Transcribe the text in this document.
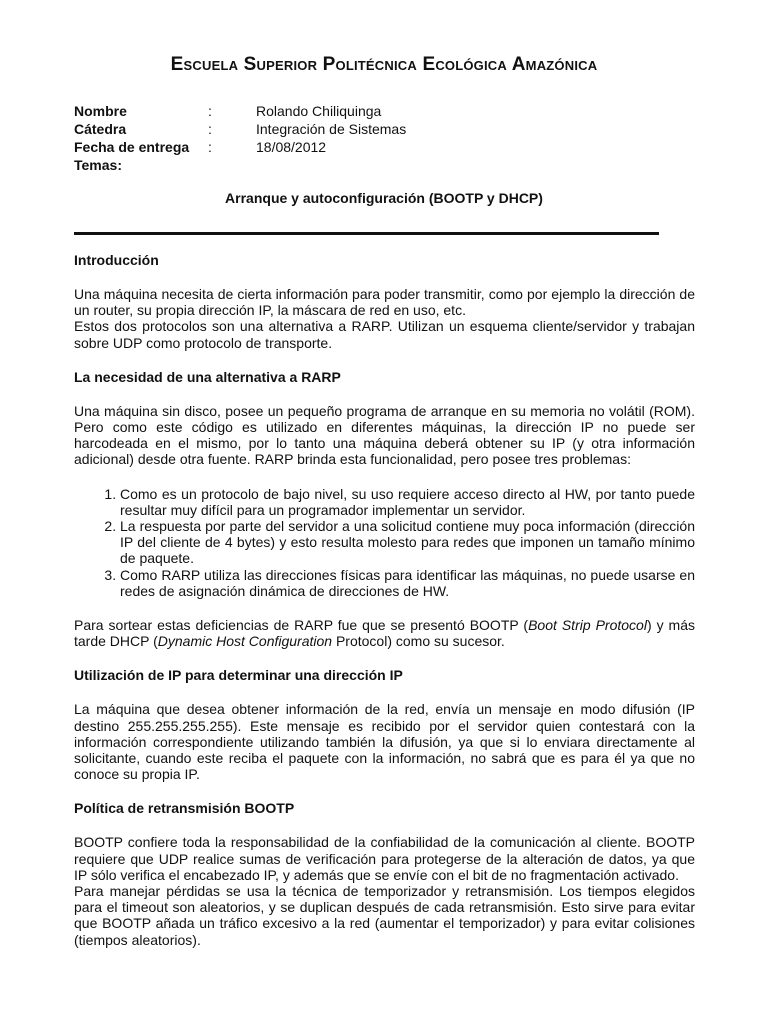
Escuela Superior Politécnica Ecológica Amazónica
Nombre	:	Rolando Chiliquinga
Cátedra	:	Integración de Sistemas
Fecha de entrega	:	18/08/2012
Temas:
Arranque y autoconfiguración (BOOTP y DHCP)
Introducción

Una máquina necesita de cierta información para poder transmitir, como por ejemplo la dirección de un router, su propia dirección IP, la máscara de red en uso, etc.

Estos dos protocolos son una alternativa a RARP. Utilizan un esquema cliente/servidor y trabajan sobre UDP como protocolo de transporte.

La necesidad de una alternativa a RARP

Una máquina sin disco, posee un pequeño programa de arranque en su memoria no volátil (ROM). Pero como este código es utilizado en diferentes máquinas, la dirección IP no puede ser harcodeada en el mismo, por lo tanto una máquina deberá obtener su IP (y otra información adicional) desde otra fuente. RARP brinda esta funcionalidad, pero posee tres problemas:

1. Como es un protocolo de bajo nivel, su uso requiere acceso directo al HW, por tanto puede resultar muy difícil para un programador implementar un servidor.
2. La respuesta por parte del servidor a una solicitud contiene muy poca información (dirección IP del cliente de 4 bytes) y esto resulta molesto para redes que imponen un tamaño mínimo de paquete.
3. Como RARP utiliza las direcciones físicas para identificar las máquinas, no puede usarse en redes de asignación dinámica de direcciones de HW.

Para sortear estas deficiencias de RARP fue que se presentó BOOTP (Boot Strip Protocol) y más tarde DHCP (Dynamic Host Configuration Protocol) como su sucesor.

Utilización de IP para determinar una dirección IP

La máquina que desea obtener información de la red, envía un mensaje en modo difusión (IP destino 255.255.255.255). Este mensaje es recibido por el servidor quien contestará con la información correspondiente utilizando también la difusión, ya que si lo enviara directamente al solicitante, cuando este reciba el paquete con la información, no sabrá que es para él ya que no conoce su propia IP.

Política de retransmisión BOOTP

BOOTP confiere toda la responsabilidad de la confiabilidad de la comunicación al cliente. BOOTP requiere que UDP realice sumas de verificación para protegerse de la alteración de datos, ya que IP sólo verifica el encabezado IP, y además que se envíe con el bit de no fragmentación activado.

Para manejar pérdidas se usa la técnica de temporizador y retransmisión. Los tiempos elegidos para el timeout son aleatorios, y se duplican después de cada retransmisión. Esto sirve para evitar que BOOTP añada un tráfico excesivo a la red (aumentar el temporizador) y para evitar colisiones (tiempos aleatorios).
